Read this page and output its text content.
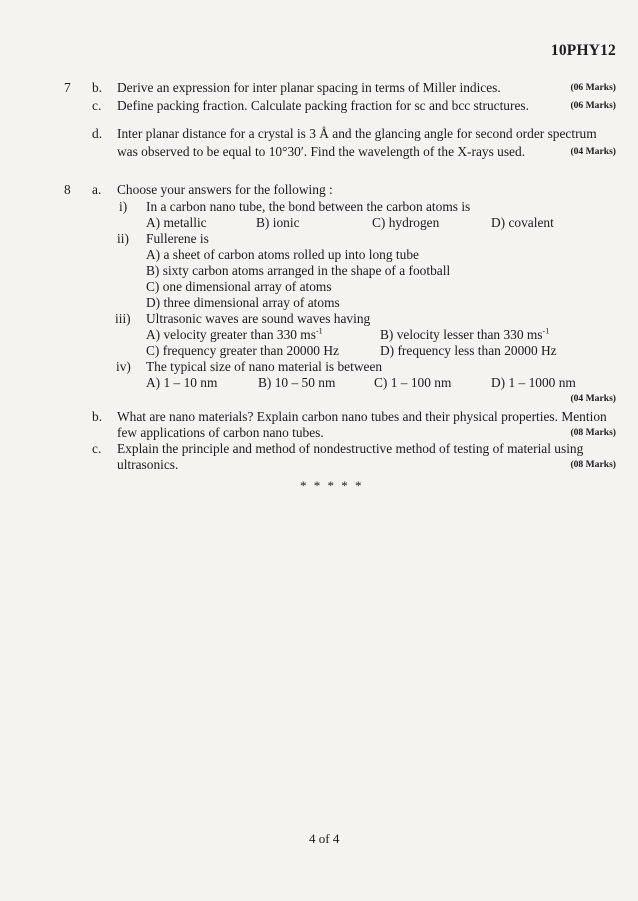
10PHY12
7 b. Derive an expression for inter planar spacing in terms of Miller indices.	(06 Marks)
c. Define packing fraction. Calculate packing fraction for sc and bcc structures.	(06 Marks)
d. Inter planar distance for a crystal is 3 Å and the glancing angle for second order spectrum
was observed to be equal to 10°30′. Find the wavelength of the X-rays used.	(04 Marks)
8 a. Choose your answers for the following :
i) In a carbon nano tube, the bond between the carbon atoms is
A) metallic	B) ionic	C) hydrogen	D) covalent
ii) Fullerene is
A) a sheet of carbon atoms rolled up into long tube
B) sixty carbon atoms arranged in the shape of a football
C) one dimensional array of atoms
D) three dimensional array of atoms
iii) Ultrasonic waves are sound waves having
A) velocity greater than 330 $ms^{-1}$	B) velocity lesser than 330 $ms^{-1}$
C) frequency greater than 20000 Hz	D) frequency less than 20000 Hz
iv) The typical size of nano material is between
A) 1 – 10 nm	B) 10 – 50 nm	C) 1 – 100 nm	D) 1 – 1000 nm
(04 Marks)
b. What are nano materials? Explain carbon nano tubes and their physical properties. Mention
few applications of carbon nano tubes.	(08 Marks)
c. Explain the principle and method of nondestructive method of testing of material using
ultrasonics.	(08 Marks)
* * * * *
4 of 4
